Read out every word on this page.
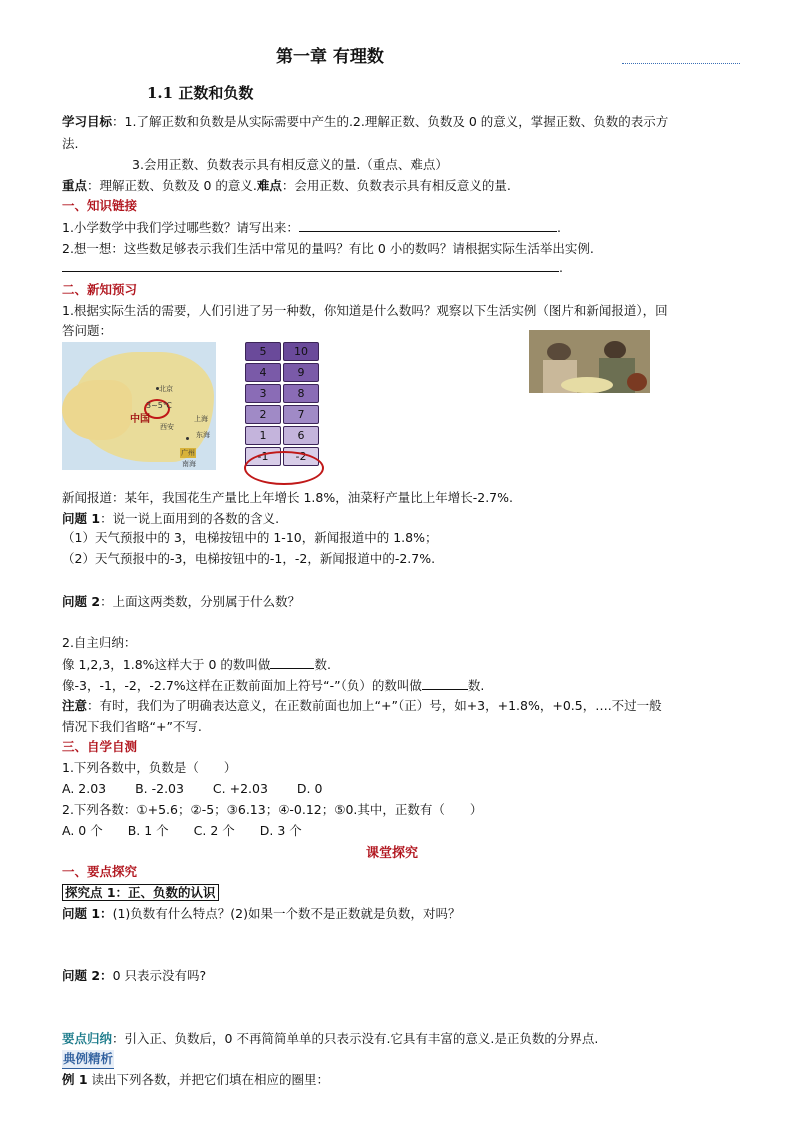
第一章 有理数
1.1 正数和负数
学习目标：1.了解正数和负数是从实际需要中产生的.2.理解正数、负数及 0 的意义，掌握正数、负数的表示方
法.
3.会用正数、负数表示具有相反意义的量.（重点、难点）
重点：理解正数、负数及 0 的意义.难点：会用正数、负数表示具有相反意义的量.
一、知识链接
1.小学数学中我们学过哪些数？请写出来：	.
2.想一想：这些数足够表示我们生活中常见的量吗？有比 0 小的数吗？请根据实际生活举出实例.
.
二、新知预习
1.根据实际生活的需要，人们引进了另一种数，你知道是什么数吗？观察以下生活实例（图片和新闻报道），回
答问题：
3~5℃
中国
北京
西安
上海
东海
广州
南海
5	10
4	9
3	8
2	7
1	6
-1	-2
新闻报道：某年，我国花生产量比上年增长 1.8%，油菜籽产量比上年增长-2.7%.
问题 1：说一说上面用到的各数的含义.
（1）天气预报中的 3，电梯按钮中的 1-10，新闻报道中的 1.8%；
（2）天气预报中的-3，电梯按钮中的-1，-2，新闻报道中的-2.7%.
问题 2：上面这两类数，分别属于什么数？
2.自主归纳：
像 1,2,3，1.8%这样大于 0 的数叫做	数.
像-3，-1，-2，-2.7%这样在正数前面加上符号“-”（负）的数叫做	数.
注意：有时，我们为了明确表达意义，在正数前面也加上“+”（正）号，如+3，+1.8%，+0.5，….不过一般
情况下我们省略“+”不写.
三、自学自测
1.下列各数中，负数是（　　）
A. 2.03　　 B. -2.03　　 C. +2.03　　 D. 0
2.下列各数：①+5.6；②-5；③6.13；④-0.12；⑤0.其中，正数有（　　）
A. 0 个　　B. 1 个　　C. 2 个　　D. 3 个
课堂探究
一、要点探究
探究点 1：正、负数的认识
问题 1：(1)负数有什么特点？(2)如果一个数不是正数就是负数，对吗？
问题 2：0 只表示没有吗?
要点归纳：引入正、负数后，0 不再简简单单的只表示没有.它具有丰富的意义.是正负数的分界点.
典例精析
例 1 读出下列各数，并把它们填在相应的圈里：
